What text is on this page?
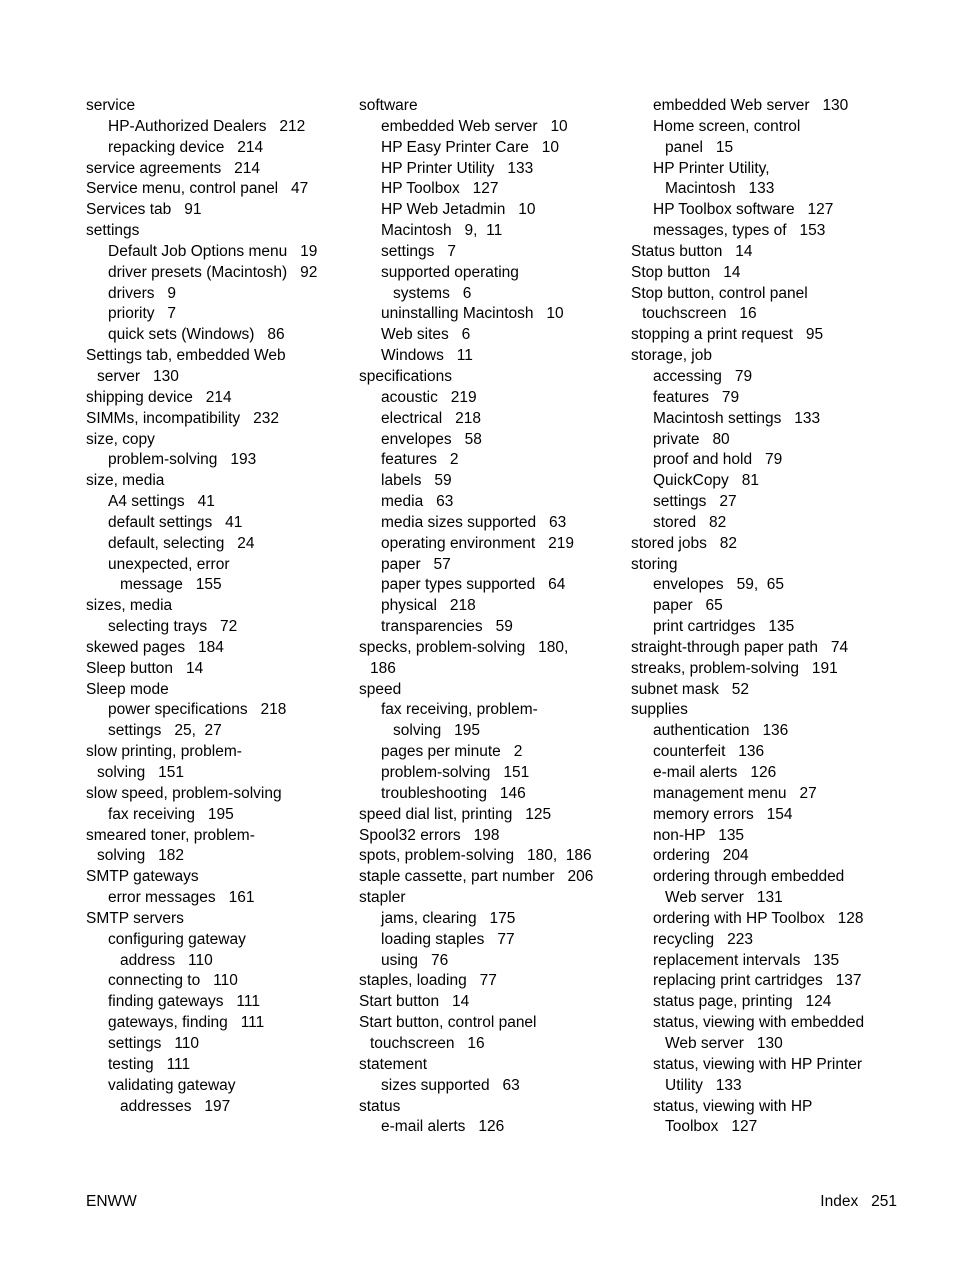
service
HP-Authorized Dealers   212
repacking device   214
service agreements   214
Service menu, control panel   47
Services tab   91
settings
Default Job Options menu   19
driver presets (Macintosh)   92
drivers   9
priority   7
quick sets (Windows)   86
Settings tab, embedded Web
server   130
shipping device   214
SIMMs, incompatibility   232
size, copy
problem-solving   193
size, media
A4 settings   41
default settings   41
default, selecting   24
unexpected, error
message   155
sizes, media
selecting trays   72
skewed pages   184
Sleep button   14
Sleep mode
power specifications   218
settings   25,  27
slow printing, problem-
solving   151
slow speed, problem-solving
fax receiving   195
smeared toner, problem-
solving   182
SMTP gateways
error messages   161
SMTP servers
configuring gateway
address   110
connecting to   110
finding gateways   111
gateways, finding   111
settings   110
testing   111
validating gateway
addresses   197
software
embedded Web server   10
HP Easy Printer Care   10
HP Printer Utility   133
HP Toolbox   127
HP Web Jetadmin   10
Macintosh   9,  11
settings   7
supported operating
systems   6
uninstalling Macintosh   10
Web sites   6
Windows   11
specifications
acoustic   219
electrical   218
envelopes   58
features   2
labels   59
media   63
media sizes supported   63
operating environment   219
paper   57
paper types supported   64
physical   218
transparencies   59
specks, problem-solving   180,
186
speed
fax receiving, problem-
solving   195
pages per minute   2
problem-solving   151
troubleshooting   146
speed dial list, printing   125
Spool32 errors   198
spots, problem-solving   180,  186
staple cassette, part number   206
stapler
jams, clearing   175
loading staples   77
using   76
staples, loading   77
Start button   14
Start button, control panel
touchscreen   16
statement
sizes supported   63
status
e-mail alerts   126
embedded Web server   130
Home screen, control
panel   15
HP Printer Utility,
Macintosh   133
HP Toolbox software   127
messages, types of   153
Status button   14
Stop button   14
Stop button, control panel
touchscreen   16
stopping a print request   95
storage, job
accessing   79
features   79
Macintosh settings   133
private   80
proof and hold   79
QuickCopy   81
settings   27
stored   82
stored jobs   82
storing
envelopes   59,  65
paper   65
print cartridges   135
straight-through paper path   74
streaks, problem-solving   191
subnet mask   52
supplies
authentication   136
counterfeit   136
e-mail alerts   126
management menu   27
memory errors   154
non-HP   135
ordering   204
ordering through embedded
Web server   131
ordering with HP Toolbox   128
recycling   223
replacement intervals   135
replacing print cartridges   137
status page, printing   124
status, viewing with embedded
Web server   130
status, viewing with HP Printer
Utility   133
status, viewing with HP
Toolbox   127
ENWW	Index   251
